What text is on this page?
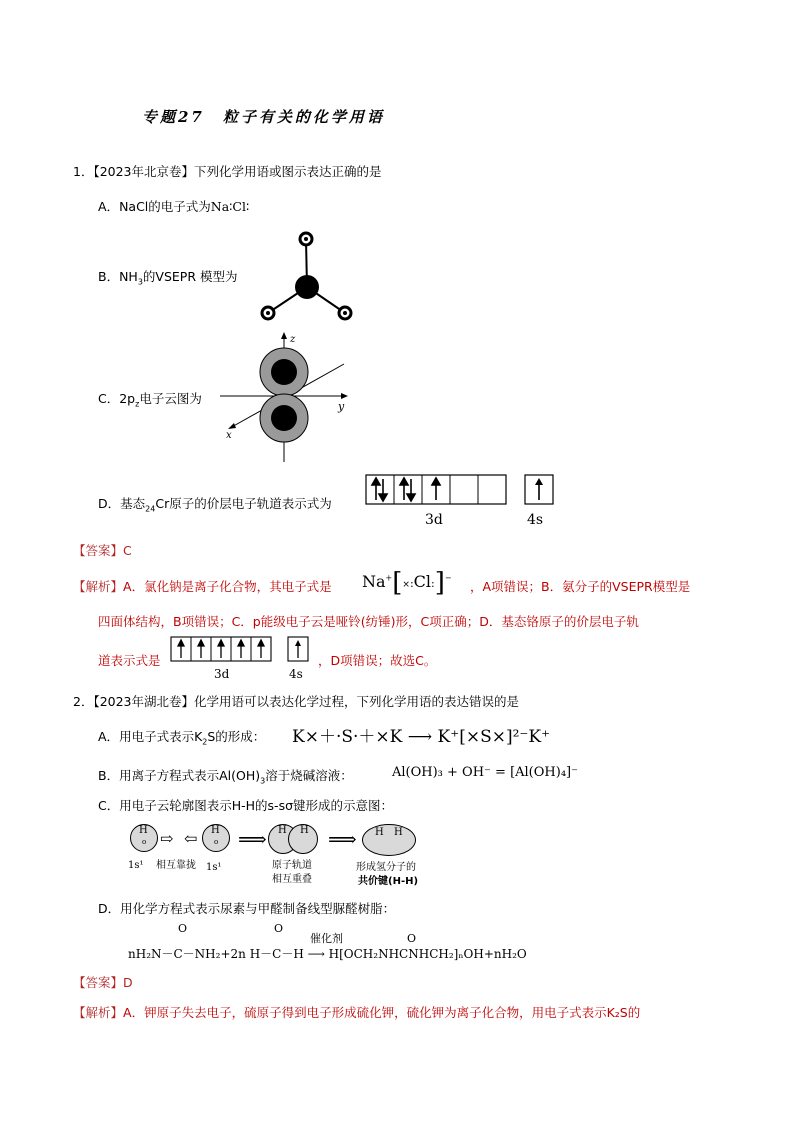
专题27　粒子有关的化学用语
1．【2023年北京卷】下列化学用语或图示表达正确的是
A．NaCl的电子式为Na∶Cl∶
B．$NH_3$的VSEPR 模型为
C．$2p_z$电子云图为
z
y
x
D．基态$_{24}$Cr原子的价层电子轨道表示式为
3d	4s
【答案】C
【解析】A．氯化钠是离子化合物，其电子式是 Na+[×:Cl:]−
，A项错误；B．氨分子的VSEPR模型是
四面体结构，B项错误；C．p能级电子云是哑铃(纺锤)形，C项正确；D．基态铬原子的价层电子轨
道表示式是
3d	4s
，D项错误；故选C。
2．【2023年湖北卷】化学用语可以表达化学过程，下列化学用语的表达错误的是
A．用电子式表示$K_2S$的形成： K×＋·S·＋×K ⟶ K⁺[×S×]²⁻K⁺
B．用离子方程式表示$Al(OH)_3$溶于烧碱溶液：	Al(OH)₃ + OH⁻ = [Al(OH)₄]⁻
C．用电子云轮廓图表示H-H的s-sσ键形成的示意图：
H
o ⇨ ⇦ H
o
1s¹ 相互靠拢 1s¹
⟹ H H
原子轨道
相互重叠
⟹ H H
形成氢分子的
共价键(H-H)
D．用化学方程式表示尿素与甲醛制备线型脲醛树脂：
O	O
O
催化剂
nH₂N－C－NH₂+2n H－C－H ⟶ H[OCH₂NHCNHCH₂]ₙOH+nH₂O
【答案】D
【解析】A．钾原子失去电子，硫原子得到电子形成硫化钾，硫化钾为离子化合物，用电子式表示K₂S的
